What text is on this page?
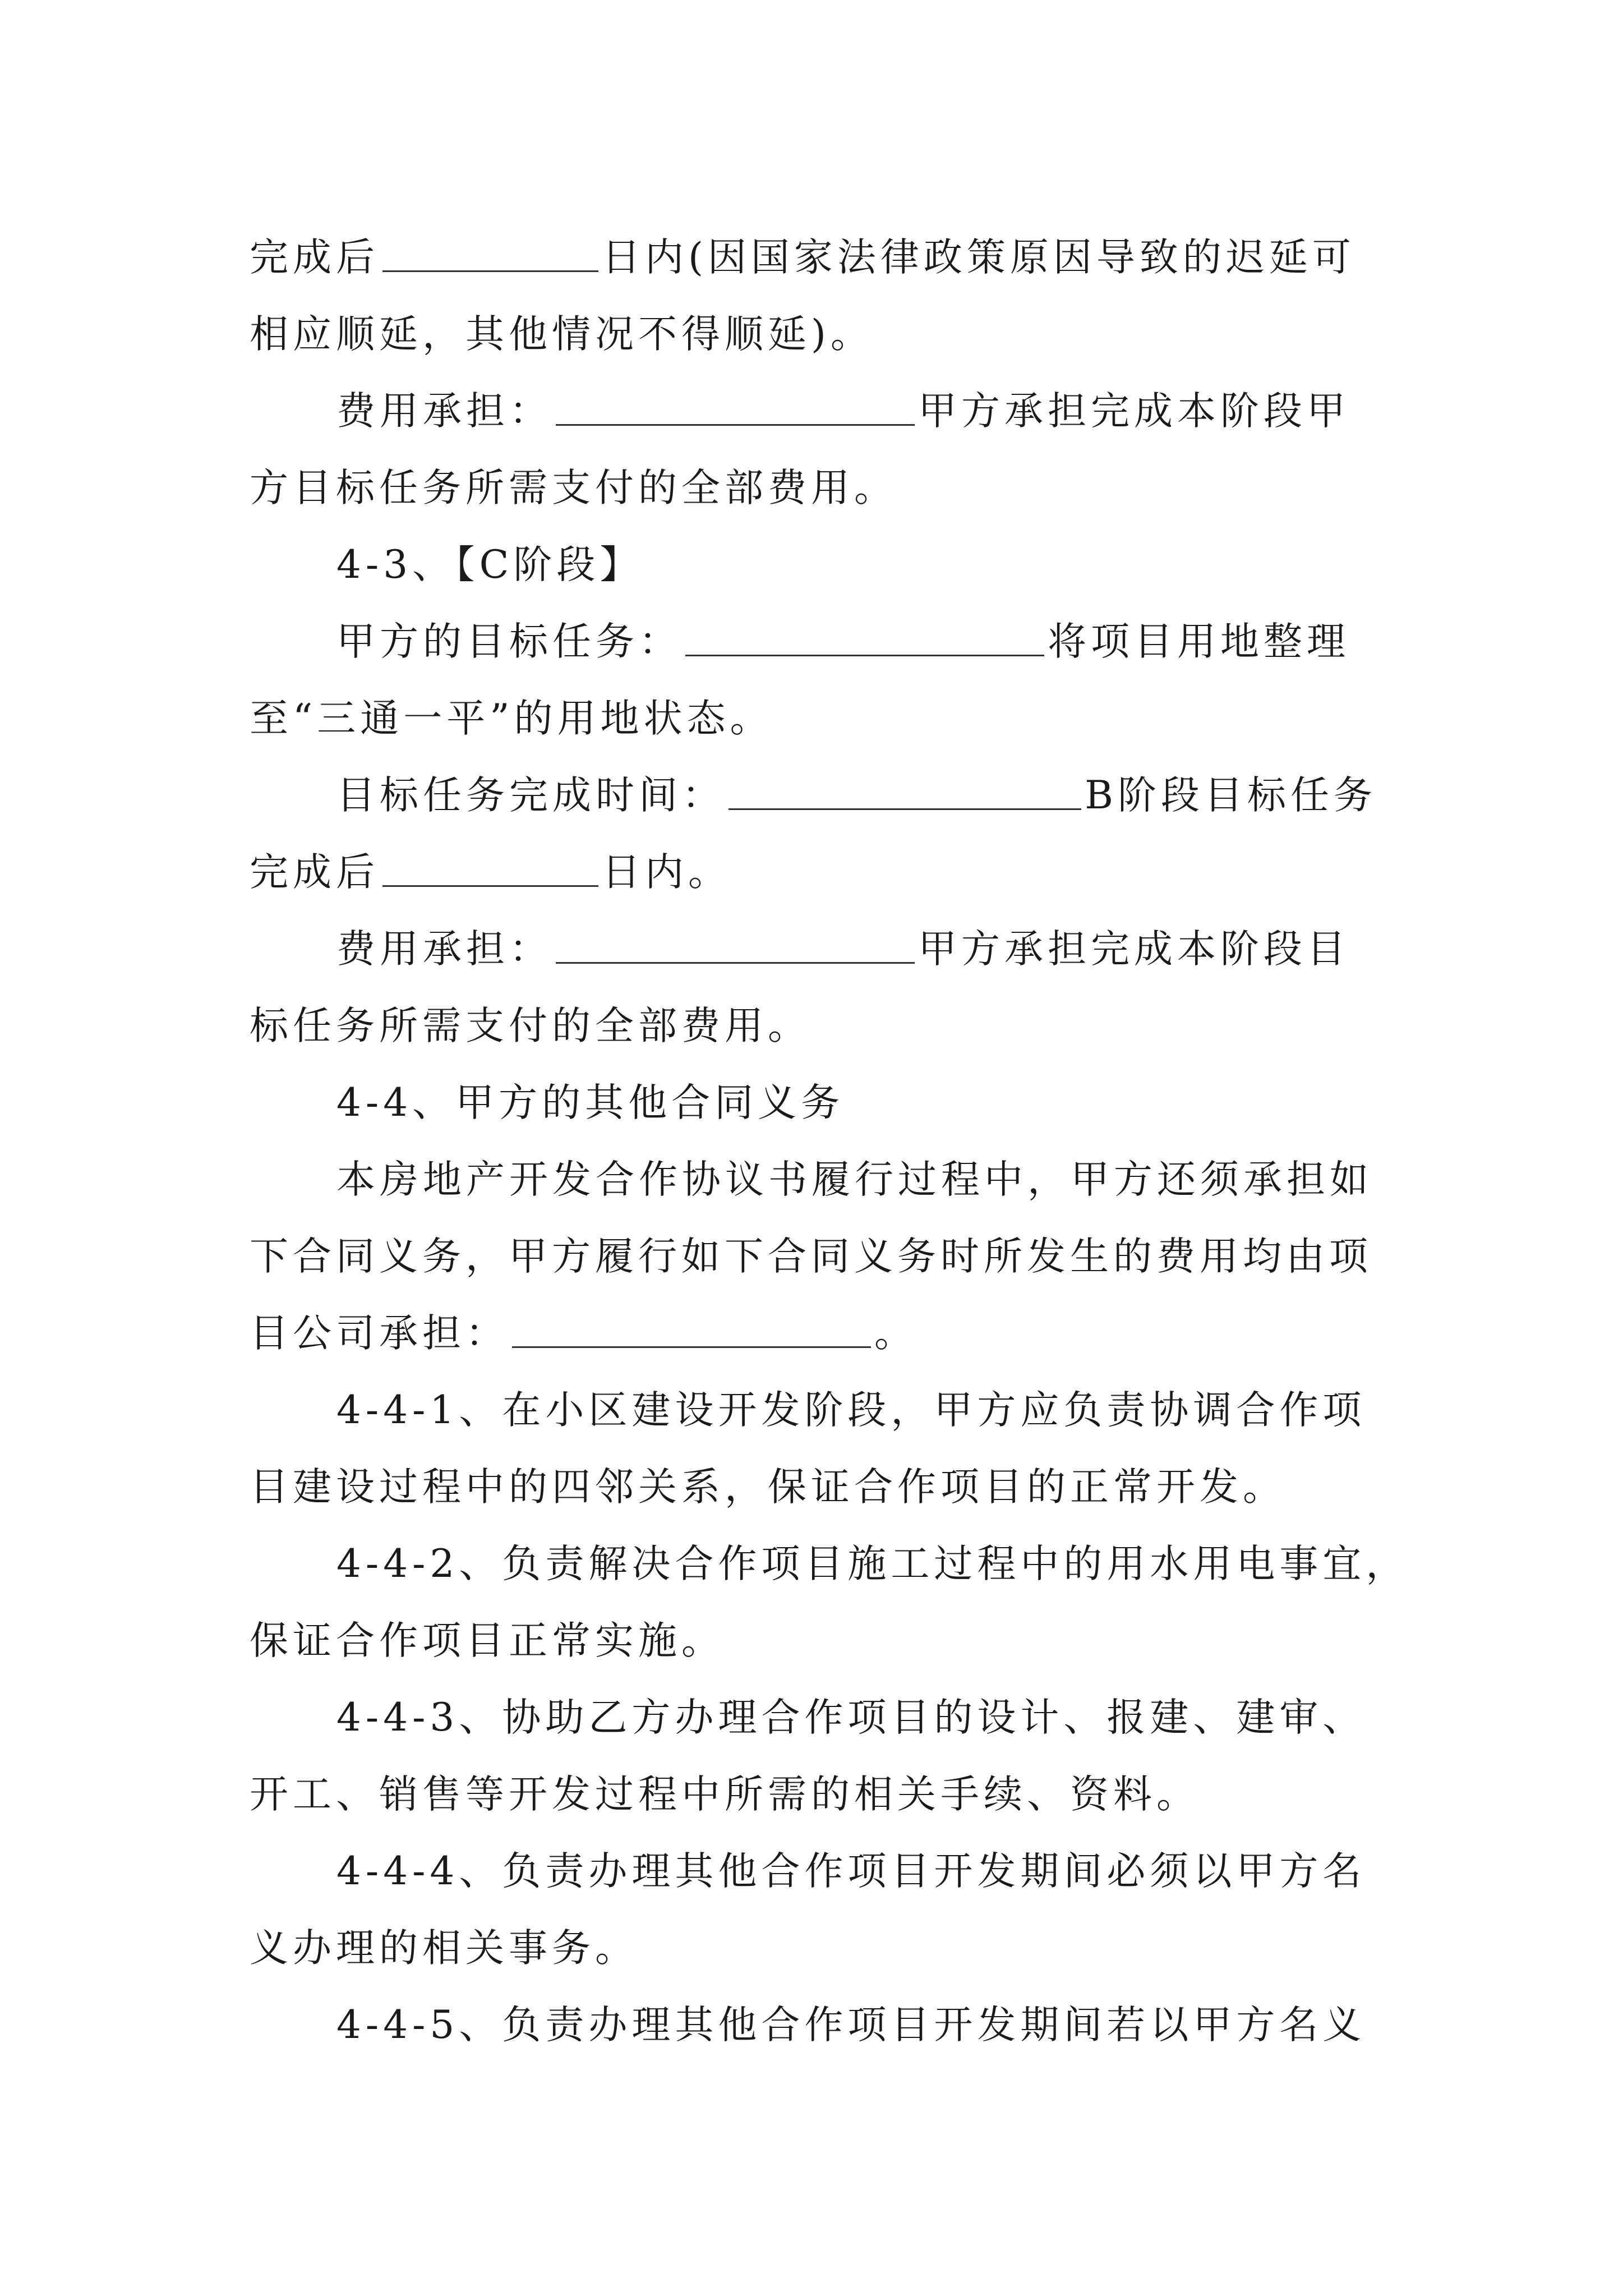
完成后	日内(因国家法律政策原因导致的迟延可
相应顺延，其他情况不得顺延)。
费用承担：	甲方承担完成本阶段甲
方目标任务所需支付的全部费用。
4-3、【C阶段】
甲方的目标任务：	将项目用地整理
至“三通一平”的用地状态。
目标任务完成时间：	B阶段目标任务
完成后	日内。
费用承担：	甲方承担完成本阶段目
标任务所需支付的全部费用。
4-4、甲方的其他合同义务
本房地产开发合作协议书履行过程中，甲方还须承担如
下合同义务，甲方履行如下合同义务时所发生的费用均由项
目公司承担：	。
4-4-1、在小区建设开发阶段，甲方应负责协调合作项
目建设过程中的四邻关系，保证合作项目的正常开发。
4-4-2、负责解决合作项目施工过程中的用水用电事宜，
保证合作项目正常实施。
4-4-3、协助乙方办理合作项目的设计、报建、建审、
开工、销售等开发过程中所需的相关手续、资料。
4-4-4、负责办理其他合作项目开发期间必须以甲方名
义办理的相关事务。
4-4-5、负责办理其他合作项目开发期间若以甲方名义
